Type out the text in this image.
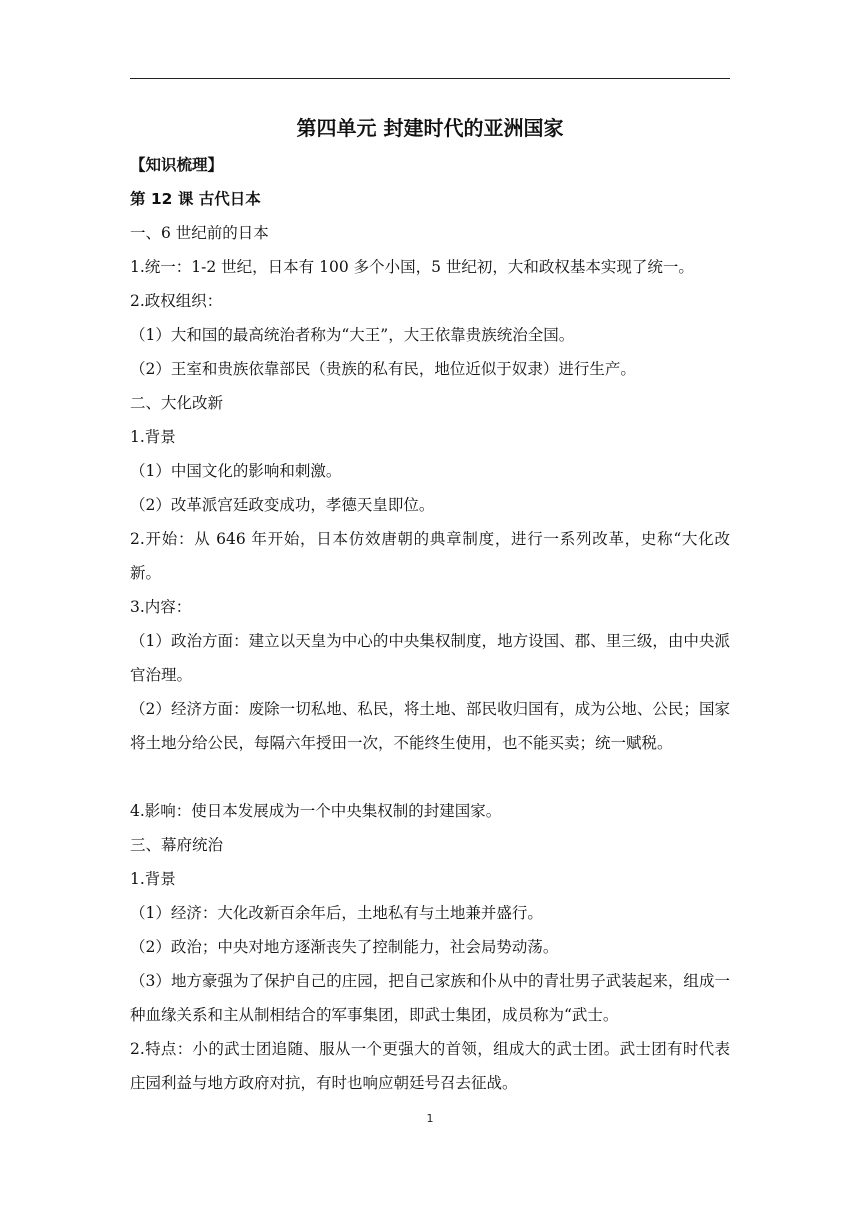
第四单元 封建时代的亚洲国家
【知识梳理】
第 12 课 古代日本
一、6 世纪前的日本
1.统一：1-2 世纪，日本有 100 多个小国，5 世纪初，大和政权基本实现了统一。
2.政权组织：
（1）大和国的最高统治者称为“大王”，大王依靠贵族统治全国。
（2）王室和贵族依靠部民（贵族的私有民，地位近似于奴隶）进行生产。
二、大化改新
1.背景
（1）中国文化的影响和刺激。
（2）改革派宫廷政变成功，孝德天皇即位。
2.开始：从 646 年开始，日本仿效唐朝的典章制度，进行一系列改革，史称“大化改新。
3.内容：
（1）政治方面：建立以天皇为中心的中央集权制度，地方设国、郡、里三级，由中央派官治理。
（2）经济方面：废除一切私地、私民，将土地、部民收归国有，成为公地、公民；国家将土地分给公民，每隔六年授田一次，不能终生使用，也不能买卖；统一赋税。
4.影响：使日本发展成为一个中央集权制的封建国家。
三、幕府统治
1.背景
（1）经济：大化改新百余年后，土地私有与土地兼并盛行。
（2）政治；中央对地方逐渐丧失了控制能力，社会局势动荡。
（3）地方豪强为了保护自己的庄园，把自己家族和仆从中的青壮男子武装起来，组成一种血缘关系和主从制相结合的军事集团，即武士集团，成员称为“武士。
2.特点：小的武士团追随、服从一个更强大的首领，组成大的武士团。武士团有时代表庄园利益与地方政府对抗，有时也响应朝廷号召去征战。
1
